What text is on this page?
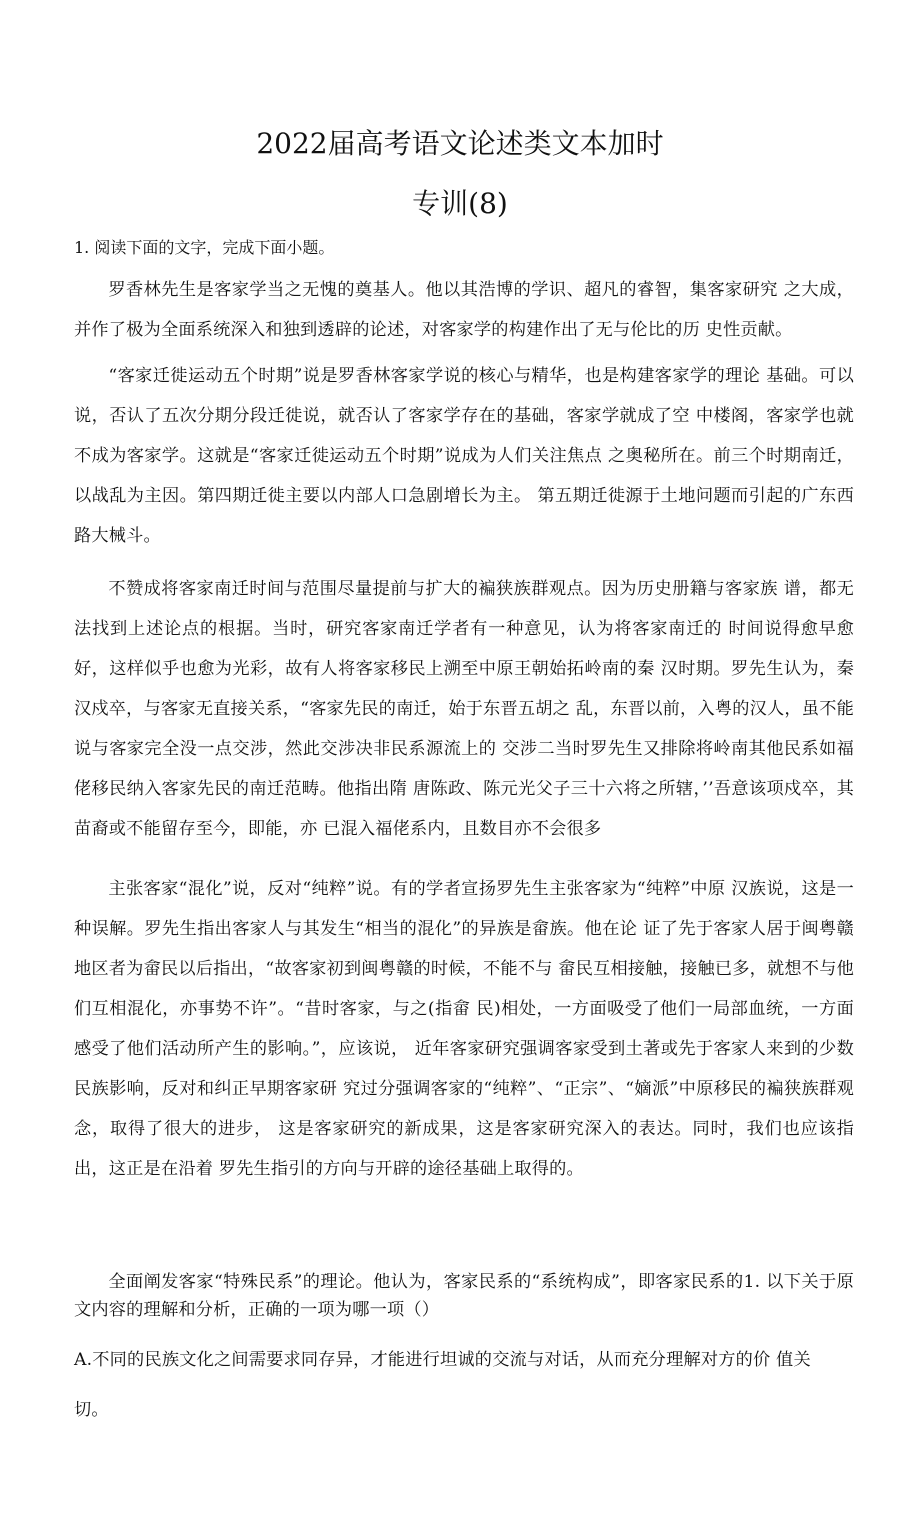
2022届高考语文论述类文本加时
专训(8)
1. 阅读下面的文字，完成下面小题。

罗香林先生是客家学当之无愧的奠基人。他以其浩博的学识、超凡的睿智，集客家研究 之大成，并作了极为全面系统深入和独到透辟的论述，对客家学的构建作出了无与伦比的历 史性贡献。

“客家迁徙运动五个时期”说是罗香林客家学说的核心与精华，也是构建客家学的理论 基础。可以说，否认了五次分期分段迁徙说，就否认了客家学存在的基础，客家学就成了空 中楼阁，客家学也就不成为客家学。这就是“客家迁徙运动五个时期”说成为人们关注焦点 之奥秘所在。前三个时期南迁，以战乱为主因。第四期迁徙主要以内部人口急剧增长为主。 第五期迁徙源于土地问题而引起的广东西路大械斗。

不赞成将客家南迁时间与范围尽量提前与扩大的褊狭族群观点。因为历史册籍与客家族 谱，都无法找到上述论点的根据。当时，研究客家南迁学者有一种意见，认为将客家南迁的 时间说得愈早愈好，这样似乎也愈为光彩，故有人将客家移民上溯至中原王朝始拓岭南的秦 汉时期。罗先生认为，秦汉戍卒，与客家无直接关系，“客家先民的南迁，始于东晋五胡之 乱，东晋以前，入粤的汉人，虽不能说与客家完全没一点交涉，然此交涉决非民系源流上的 交涉二当时罗先生又排除将岭南其他民系如福佬移民纳入客家先民的南迁范畴。他指出隋 唐陈政、陈元光父子三十六将之所辖，’’吾意该项戍卒，其苗裔或不能留存至今，即能，亦 已混入福佬系内，且数目亦不会很多

主张客家“混化”说，反对“纯粹”说。有的学者宣扬罗先生主张客家为“纯粹”中原 汉族说，这是一种误解。罗先生指出客家人与其发生“相当的混化”的异族是畲族。他在论 证了先于客家人居于闽粤赣地区者为畲民以后指出，“故客家初到闽粤赣的时候，不能不与 畲民互相接触，接触已多，就想不与他们互相混化，亦事势不许”。“昔时客家，与之(指畲 民)相处，一方面吸受了他们一局部血统，一方面感受了他们活动所产生的影响。”，应该说， 近年客家研究强调客家受到土著或先于客家人来到的少数民族影响，反对和纠正早期客家研 究过分强调客家的“纯粹”、“正宗”、“嫡派”中原移民的褊狭族群观念，取得了很大的进步， 这是客家研究的新成果，这是客家研究深入的表达。同时，我们也应该指出，这正是在沿着 罗先生指引的方向与开辟的途径基础上取得的。

全面阐发客家“特殊民系”的理论。他认为，客家民系的“系统构成”，即客家民系的1. 以下关于原文内容的理解和分析，正确的一项为哪一项（）

A.不同的民族文化之间需要求同存异，才能进行坦诚的交流与对话，从而充分理解对方的价 值关
切。
